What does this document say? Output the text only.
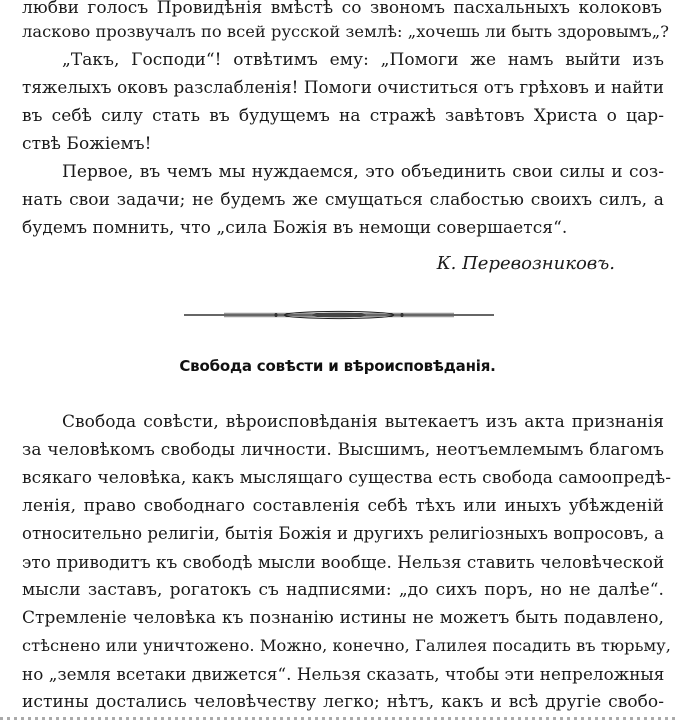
любви голосъ Провидѣнія вмѣстѣ со звономъ пасхальныхъ колоковъ
ласково прозвучалъ по всей русской землѣ: „хочешь ли быть здоровымъ„?
„Такъ, Господи“! отвѣтимъ ему: „Помоги же намъ выйти изъ
тяжелыхъ оковъ разслабленія! Помоги очиститься отъ грѣховъ и найти
въ себѣ силу стать въ будущемъ на стражѣ завѣтовъ Христа о цар-
ствѣ Божіемъ!
Первое, въ чемъ мы нуждаемся, это объединить свои силы и соз-
нать свои задачи; не будемъ же смущаться слабостью своихъ силъ, а
будемъ помнить, что „сила Божія въ немощи совершается“.
К. Перевозниковъ.
Свобода совѣсти и вѣроисповѣданія.
Свобода совѣсти, вѣроисповѣданія вытекаетъ изъ акта признанія
за человѣкомъ свободы личности. Высшимъ, неотъемлемымъ благомъ
всякаго человѣка, какъ мыслящаго существа есть свобода самоопредѣ-
ленія, право свободнаго составленія себѣ тѣхъ или иныхъ убѣжденій
относительно религіи, бытія Божія и другихъ религіозныхъ вопросовъ, а
это приводитъ къ свободѣ мысли вообще. Нельзя ставить человѣческой
мысли заставъ, рогатокъ съ надписями: „до сихъ поръ, но не далѣе“.
Стремленіе человѣка къ познанію истины не можетъ быть подавлено,
стѣснено или уничтожено. Можно, конечно, Галилея посадить въ тюрьму,
но „земля всетаки движется“. Нельзя сказать, чтобы эти непреложныя
истины достались человѣчеству легко; нѣтъ, какъ и всѣ другіе свобо-
